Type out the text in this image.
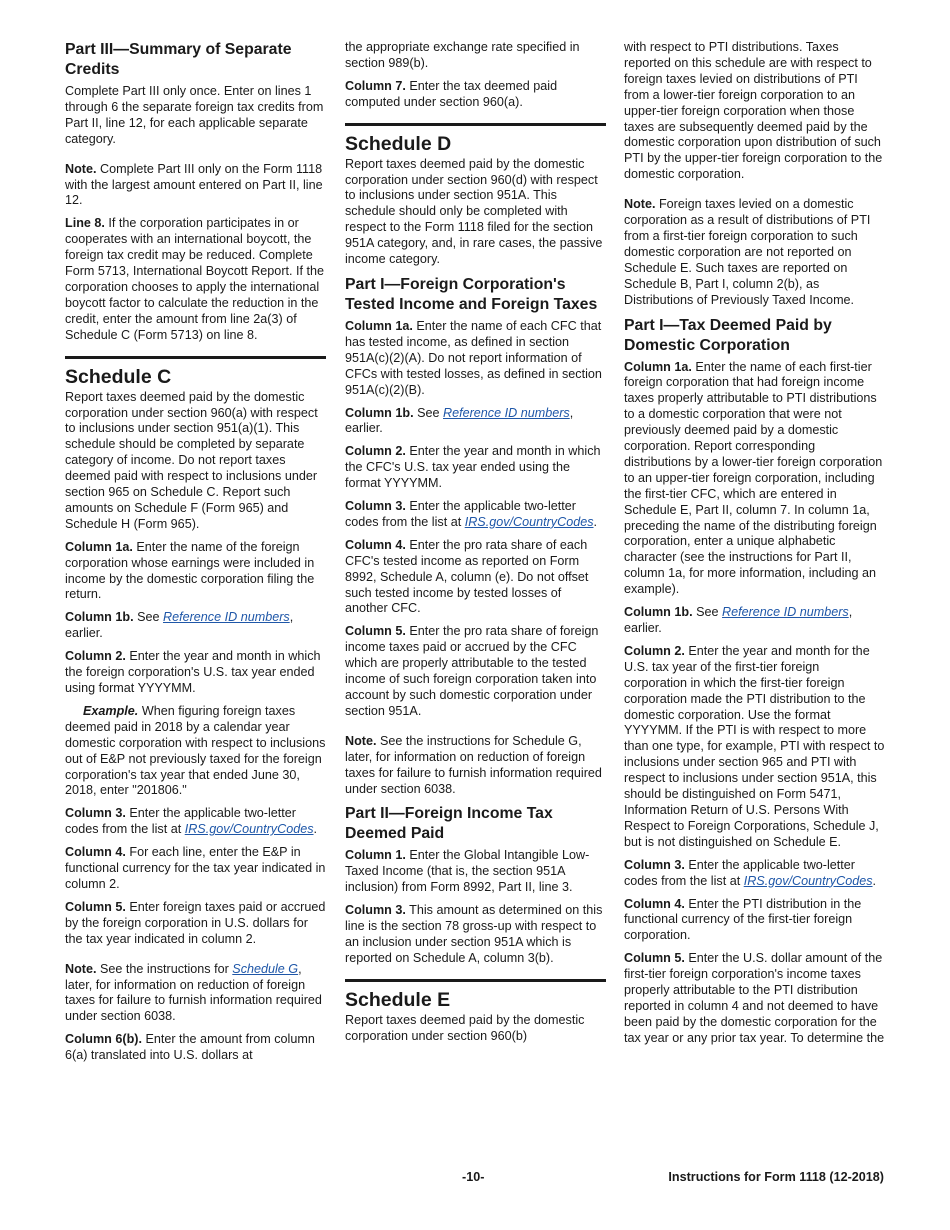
Part III—Summary of Separate Credits

Complete Part III only once. Enter on lines 1 through 6 the separate foreign tax credits from Part II, line 12, for each applicable separate category.

Note. Complete Part III only on the Form 1118 with the largest amount entered on Part II, line 12.

Line 8. If the corporation participates in or cooperates with an international boycott, the foreign tax credit may be reduced. Complete Form 5713, International Boycott Report. If the corporation chooses to apply the international boycott factor to calculate the reduction in the credit, enter the amount from line 2a(3) of Schedule C (Form 5713) on line 8.

Schedule C

Report taxes deemed paid by the domestic corporation under section 960(a) with respect to inclusions under section 951(a)(1). This schedule should be completed by separate category of income. Do not report taxes deemed paid with respect to inclusions under section 965 on Schedule C. Report such amounts on Schedule F (Form 965) and Schedule H (Form 965).

Column 1a. Enter the name of the foreign corporation whose earnings were included in income by the domestic corporation filing the return.

Column 1b. See Reference ID numbers, earlier.

Column 2. Enter the year and month in which the foreign corporation's U.S. tax year ended using format YYYYMM.

Example. When figuring foreign taxes deemed paid in 2018 by a calendar year domestic corporation with respect to inclusions out of E&P not previously taxed for the foreign corporation's tax year that ended June 30, 2018, enter "201806."

Column 3. Enter the applicable two-letter codes from the list at IRS.gov/CountryCodes.

Column 4. For each line, enter the E&P in functional currency for the tax year indicated in column 2.

Column 5. Enter foreign taxes paid or accrued by the foreign corporation in U.S. dollars for the tax year indicated in column 2.

Note. See the instructions for Schedule G, later, for information on reduction of foreign taxes for failure to furnish information required under section 6038.

Column 6(b). Enter the amount from column 6(a) translated into U.S. dollars at

the appropriate exchange rate specified in section 989(b).

Column 7. Enter the tax deemed paid computed under section 960(a).

Schedule D

Report taxes deemed paid by the domestic corporation under section 960(d) with respect to inclusions under section 951A. This schedule should only be completed with respect to the Form 1118 filed for the section 951A category, and, in rare cases, the passive income category.

Part I—Foreign Corporation's Tested Income and Foreign Taxes

Column 1a. Enter the name of each CFC that has tested income, as defined in section 951A(c)(2)(A). Do not report information of CFCs with tested losses, as defined in section 951A(c)(2)(B).

Column 1b. See Reference ID numbers, earlier.

Column 2. Enter the year and month in which the CFC's U.S. tax year ended using the format YYYYMM.

Column 3. Enter the applicable two-letter codes from the list at IRS.gov/CountryCodes.

Column 4. Enter the pro rata share of each CFC's tested income as reported on Form 8992, Schedule A, column (e). Do not offset such tested income by tested losses of another CFC.

Column 5. Enter the pro rata share of foreign income taxes paid or accrued by the CFC which are properly attributable to the tested income of such foreign corporation taken into account by such domestic corporation under section 951A.

Note. See the instructions for Schedule G, later, for information on reduction of foreign taxes for failure to furnish information required under section 6038.

Part II—Foreign Income Tax Deemed Paid

Column 1. Enter the Global Intangible Low-Taxed Income (that is, the section 951A inclusion) from Form 8992, Part II, line 3.

Column 3. This amount as determined on this line is the section 78 gross-up with respect to an inclusion under section 951A which is reported on Schedule A, column 3(b).

Schedule E

Report taxes deemed paid by the domestic corporation under section 960(b)

with respect to PTI distributions. Taxes reported on this schedule are with respect to foreign taxes levied on distributions of PTI from a lower-tier foreign corporation to an upper-tier foreign corporation when those taxes are subsequently deemed paid by the domestic corporation upon distribution of such PTI by the upper-tier foreign corporation to the domestic corporation.

Note. Foreign taxes levied on a domestic corporation as a result of distributions of PTI from a first-tier foreign corporation to such domestic corporation are not reported on Schedule E. Such taxes are reported on Schedule B, Part I, column 2(b), as Distributions of Previously Taxed Income.

Part I—Tax Deemed Paid by Domestic Corporation

Column 1a. Enter the name of each first-tier foreign corporation that had foreign income taxes properly attributable to PTI distributions to a domestic corporation that were not previously deemed paid by a domestic corporation. Report corresponding distributions by a lower-tier foreign corporation to an upper-tier foreign corporation, including the first-tier CFC, which are entered in Schedule E, Part II, column 7. In column 1a, preceding the name of the distributing foreign corporation, enter a unique alphabetic character (see the instructions for Part II, column 1a, for more information, including an example).

Column 1b. See Reference ID numbers, earlier.

Column 2. Enter the year and month for the U.S. tax year of the first-tier foreign corporation in which the first-tier foreign corporation made the PTI distribution to the domestic corporation. Use the format YYYYMM. If the PTI is with respect to more than one type, for example, PTI with respect to inclusions under section 965 and PTI with respect to inclusions under section 951A, this should be distinguished on Form 5471, Information Return of U.S. Persons With Respect to Foreign Corporations, Schedule J, but is not distinguished on Schedule E.

Column 3. Enter the applicable two-letter codes from the list at IRS.gov/CountryCodes.

Column 4. Enter the PTI distribution in the functional currency of the first-tier foreign corporation.

Column 5. Enter the U.S. dollar amount of the first-tier foreign corporation's income taxes properly attributable to the PTI distribution reported in column 4 and not deemed to have been paid by the domestic corporation for the tax year or any prior tax year. To determine the

-10-	Instructions for Form 1118 (12-2018)
